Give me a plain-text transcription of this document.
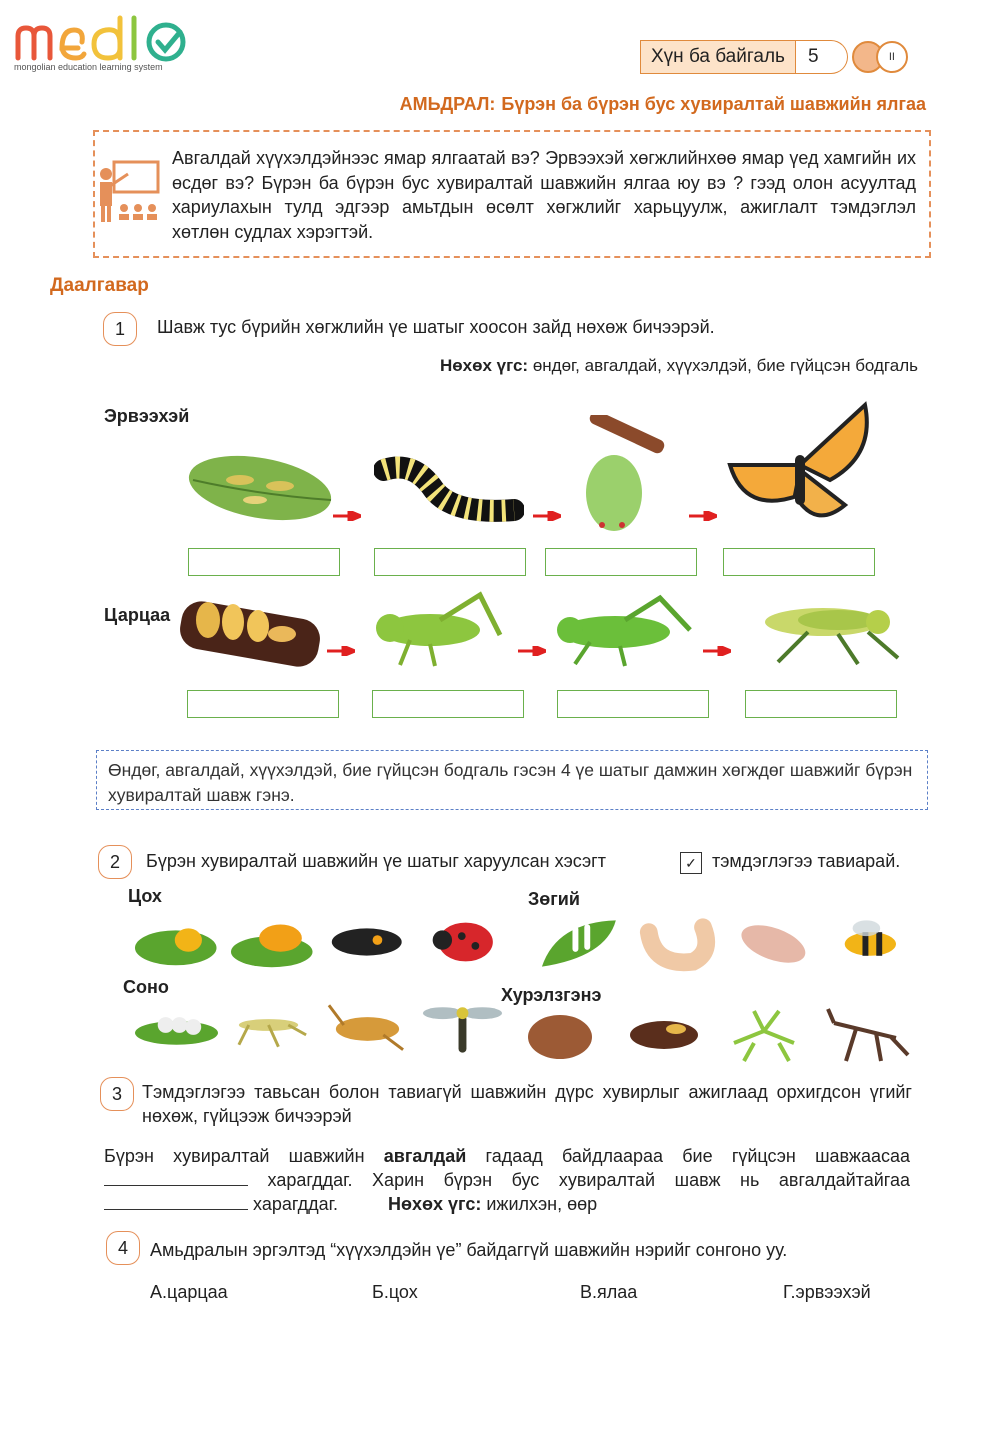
mongolian education learning system	Хүн ба байгаль	5	II
АМЬДРАЛ: Бүрэн ба бүрэн бус хувиралтай шавжийн ялгаа
Авгалдай хүүхэлдэйнээс ямар ялгаатай вэ? Эрвээхэй хөгжлийнхөө ямар үед хамгийн их өсдөг вэ? Бүрэн ба бүрэн бус хувиралтай шавжийн ялгаа юу вэ ? гээд олон асуултад хариулахын тулд эдгээр амьтдын өсөлт хөгжлийг харьцуулж, ажиглалт тэмдэглэл хөтлөн судлах хэрэгтэй.
Даалгавар
1	Шавж тус бүрийн хөгжлийн үе шатыг хоосон зайд нөхөж бичээрэй.
Нөхөх үгс: өндөг, авгалдай, хүүхэлдэй, бие гүйцсэн бодгаль
Эрвээхэй
Царцаа
Өндөг, авгалдай, хүүхэлдэй, бие гүйцсэн бодгаль гэсэн 4 үе шатыг дамжин хөгждөг шавжийг бүрэн хувиралтай шавж гэнэ.
2	Бүрэн хувиралтай шавжийн үе шатыг харуулсан хэсэгт	✓ тэмдэглэгээ тавиарай.
Цох	Зөгий
Соно	Хурэлзгэнэ
3	Тэмдэглэгээ тавьсан болон тавиагүй шавжийн дүрс хувирлыг ажиглаад орхигдсон үгийг нөхөж, гүйцээж бичээрэй
Бүрэн хувиралтай шавжийн авгалдай гадаад байдлаараа бие гүйцсэн шавжаасаа  харагддаг. Харин бүрэн бус хувиралтай шавж нь авгалдайтайгаа  харагддаг.	Нөхөх үгс: ижилхэн, өөр
4	Амьдралын эргэлтэд “хүүхэлдэйн үе” байдаггүй шавжийн нэрийг сонгоно уу.
А.царцаа	Б.цох	В.ялаа	Г.эрвээхэй
